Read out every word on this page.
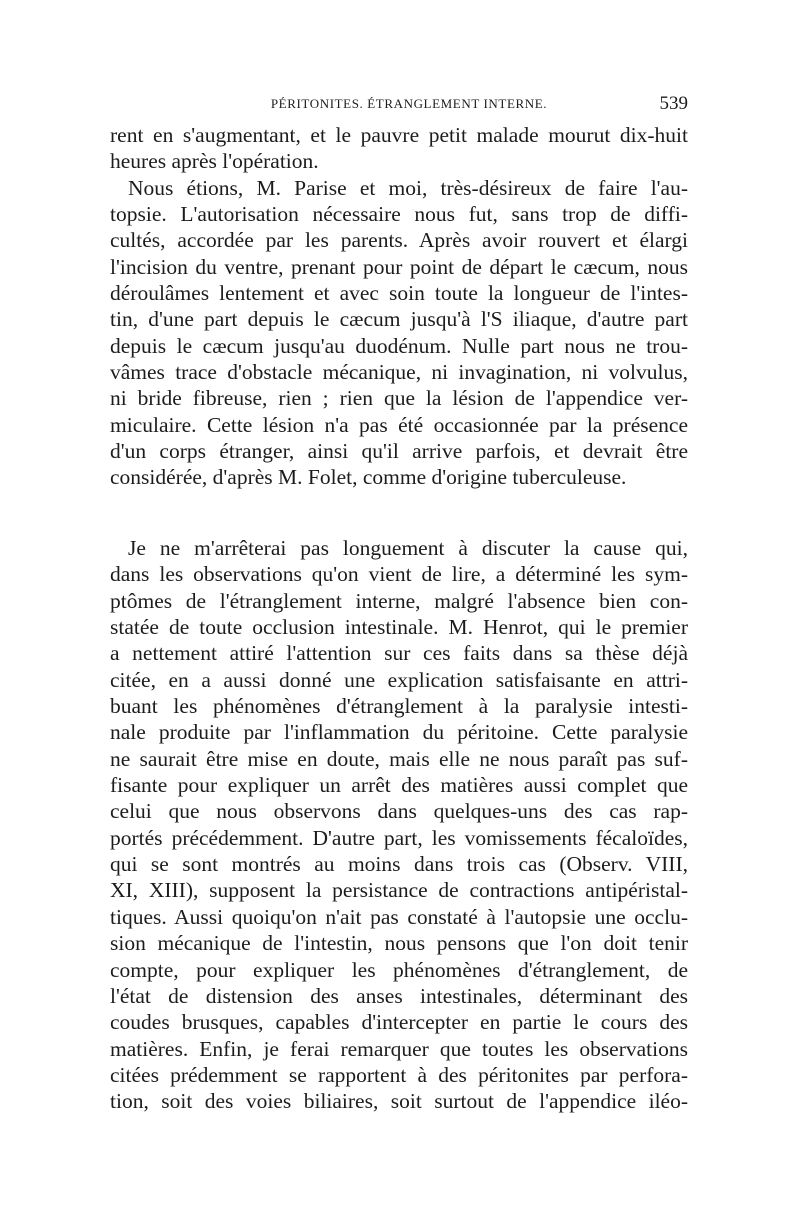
PÉRITONITES. ÉTRANGLEMENT INTERNE.	539
rent en s'augmentant, et le pauvre petit malade mourut dix-huit
heures après l'opération.
Nous étions, M. Parise et moi, très-désireux de faire l'au-
topsie. L'autorisation nécessaire nous fut, sans trop de diffi-
cultés, accordée par les parents. Après avoir rouvert et élargi
l'incision du ventre, prenant pour point de départ le cæcum, nous
déroulâmes lentement et avec soin toute la longueur de l'intes-
tin, d'une part depuis le cæcum jusqu'à l'S iliaque, d'autre part
depuis le cæcum jusqu'au duodénum. Nulle part nous ne trou-
vâmes trace d'obstacle mécanique, ni invagination, ni volvulus,
ni bride fibreuse, rien ; rien que la lésion de l'appendice ver-
miculaire. Cette lésion n'a pas été occasionnée par la présence
d'un corps étranger, ainsi qu'il arrive parfois, et devrait être
considérée, d'après M. Folet, comme d'origine tuberculeuse.
Je ne m'arrêterai pas longuement à discuter la cause qui,
dans les observations qu'on vient de lire, a déterminé les sym-
ptômes de l'étranglement interne, malgré l'absence bien con-
statée de toute occlusion intestinale. M. Henrot, qui le premier
a nettement attiré l'attention sur ces faits dans sa thèse déjà
citée, en a aussi donné une explication satisfaisante en attri-
buant les phénomènes d'étranglement à la paralysie intesti-
nale produite par l'inflammation du péritoine. Cette paralysie
ne saurait être mise en doute, mais elle ne nous paraît pas suf-
fisante pour expliquer un arrêt des matières aussi complet que
celui que nous observons dans quelques-uns des cas rap-
portés précédemment. D'autre part, les vomissements fécaloïdes,
qui se sont montrés au moins dans trois cas (Observ. VIII,
XI, XIII), supposent la persistance de contractions antipéristal-
tiques. Aussi quoiqu'on n'ait pas constaté à l'autopsie une occlu-
sion mécanique de l'intestin, nous pensons que l'on doit tenir
compte, pour expliquer les phénomènes d'étranglement, de
l'état de distension des anses intestinales, déterminant des
coudes brusques, capables d'intercepter en partie le cours des
matières. Enfin, je ferai remarquer que toutes les observations
citées prédemment se rapportent à des péritonites par perfora-
tion, soit des voies biliaires, soit surtout de l'appendice iléo-
